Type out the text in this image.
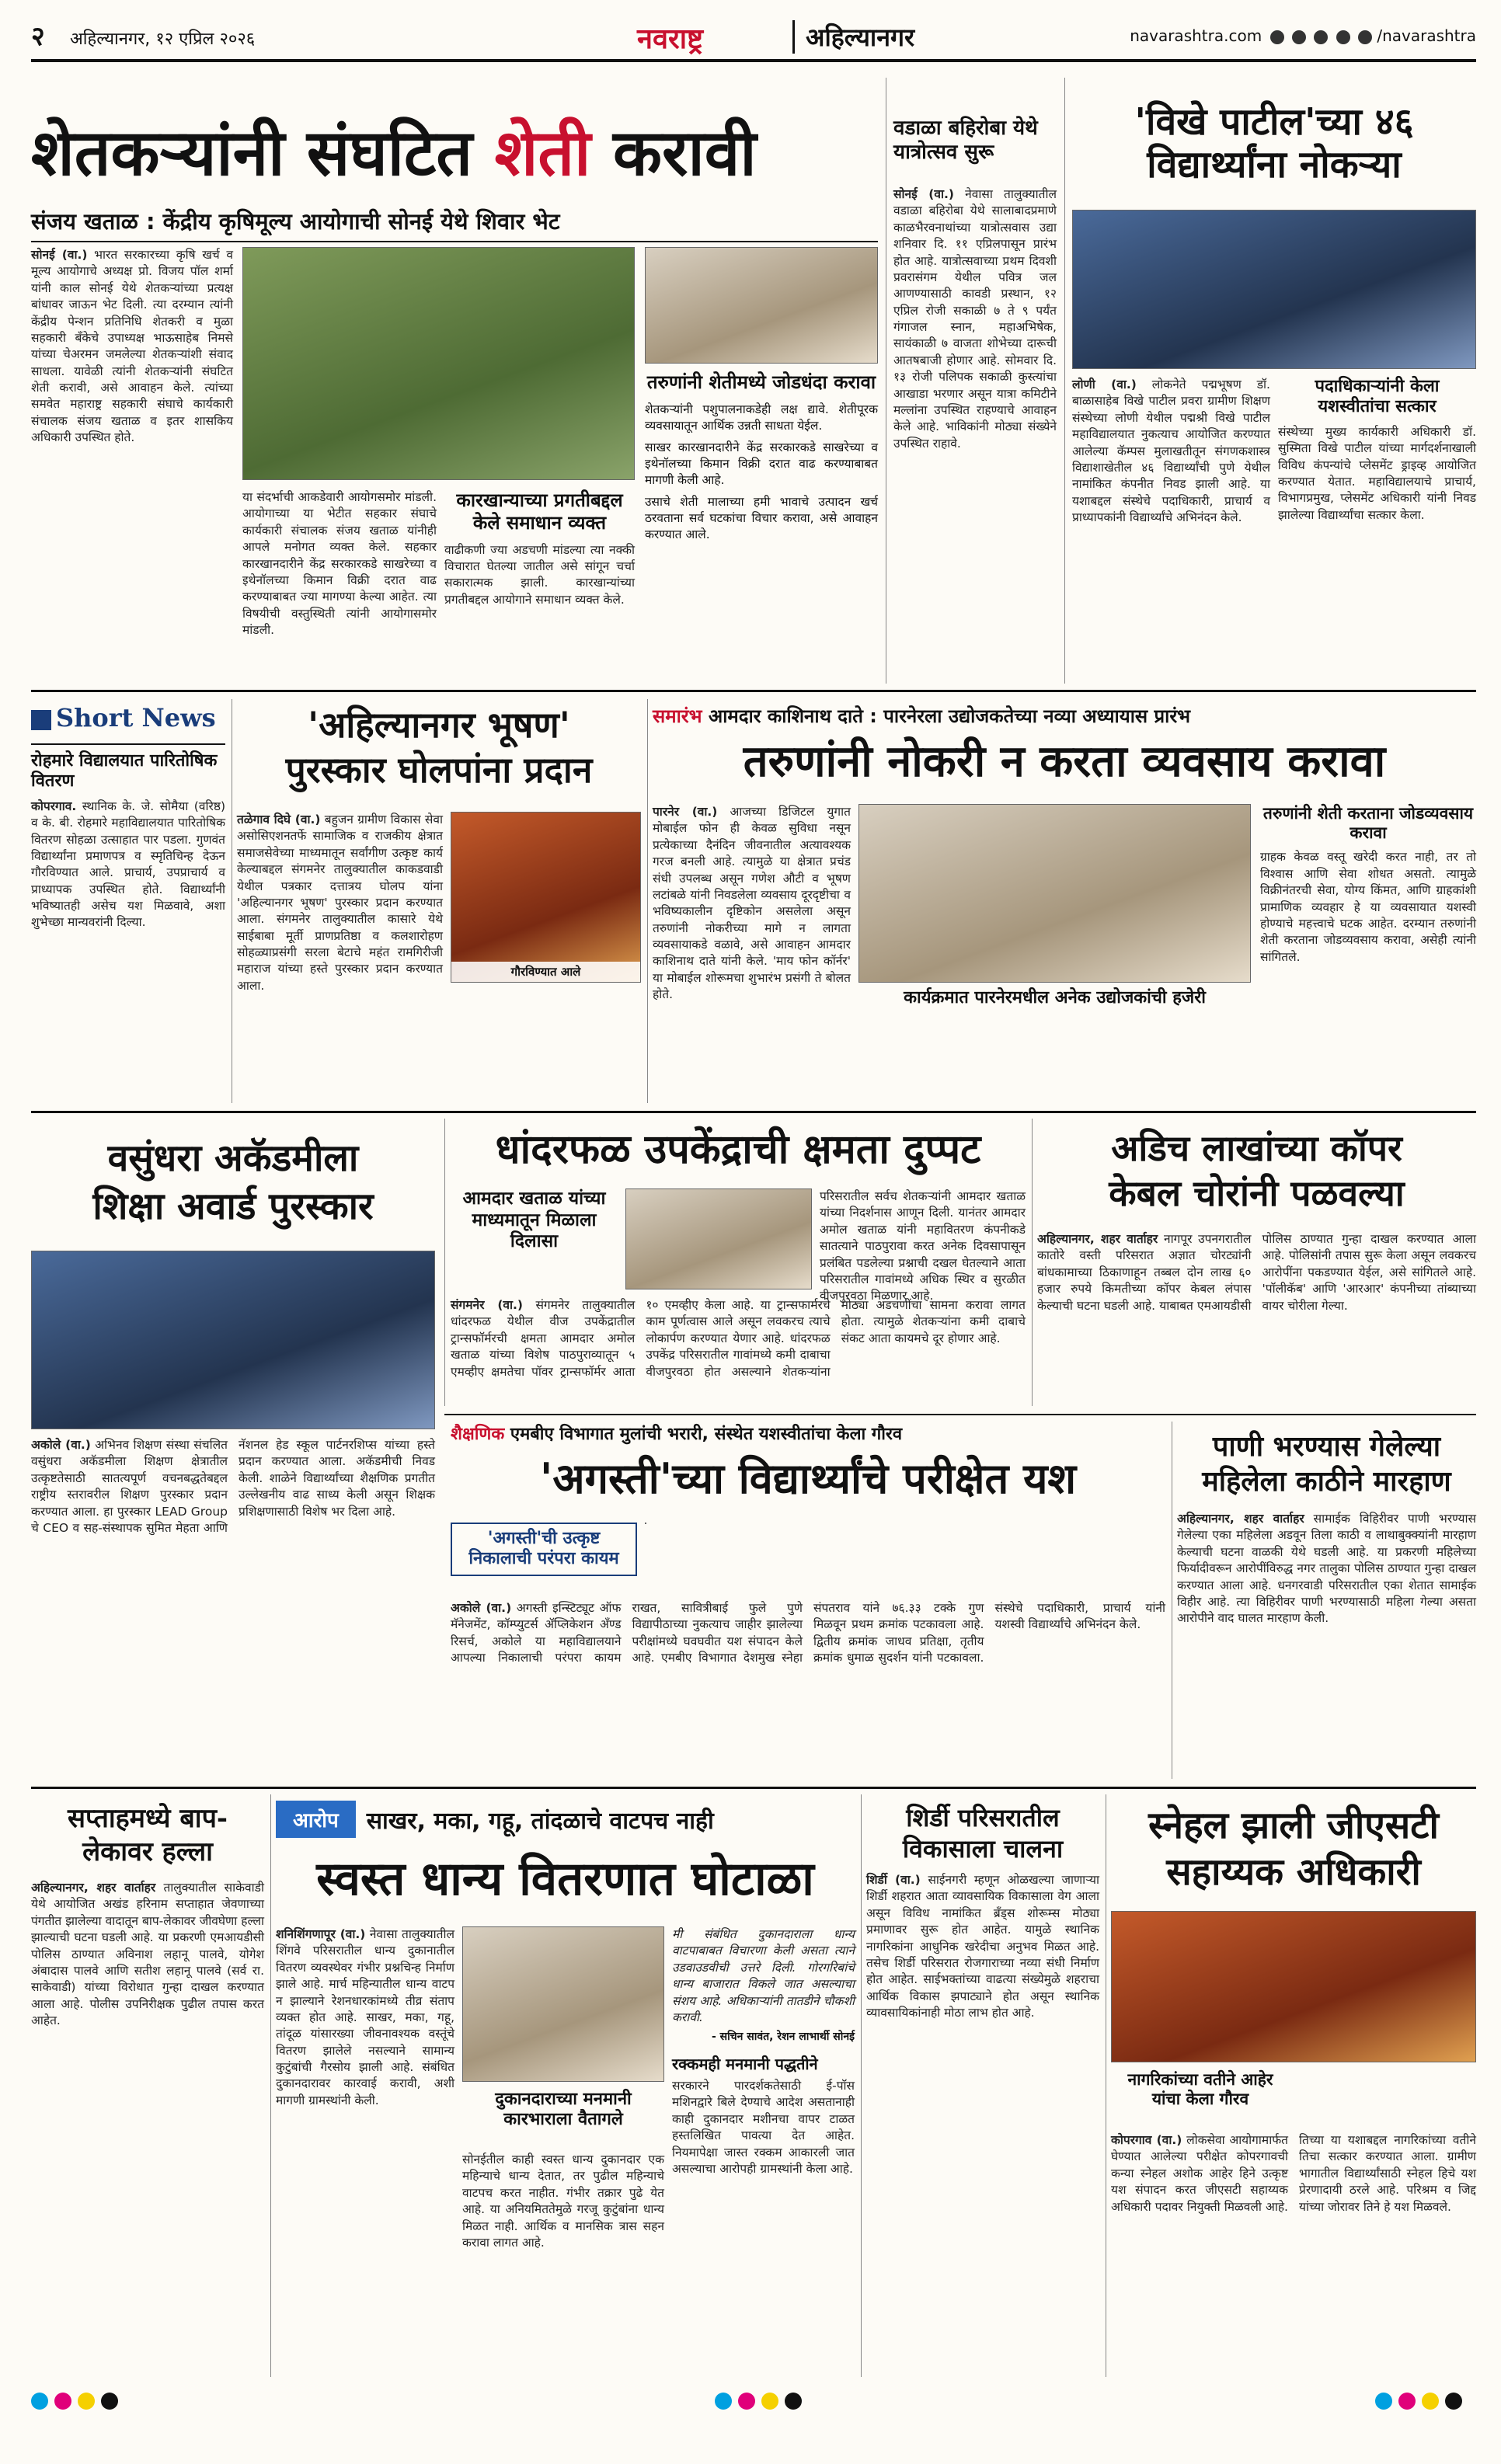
२ अहिल्यानगर, १२ एप्रिल २०२६	नवराष्ट्र	अहिल्यानगर	navarashtra.com	/navarashtra
शेतकऱ्यांनी संघटित शेती करावी
संजय खताळ : केंद्रीय कृषिमूल्य आयोगाची सोनई येथे शिवार भेट
सोनई (वा.) भारत सरकारच्या कृषि खर्च व मूल्य आयोगाचे अध्यक्ष प्रो. विजय पॉल शर्मा यांनी काल सोनई येथे शेतकऱ्यांच्या प्रत्यक्ष बांधावर जाऊन भेट दिली. त्या दरम्यान त्यांनी केंद्रीय पेन्शन प्रतिनिधि शेतकरी व मुळा सहकारी बँकेचे उपाध्यक्ष भाऊसाहेब निमसे यांच्या चेअरमन जमलेल्या शेतकऱ्यांशी संवाद साधला. यावेळी त्यांनी शेतकऱ्यांनी संघटित शेती करावी, असे आवाहन केले. त्यांच्या समवेत महाराष्ट्र सहकारी संघाचे कार्यकारी संचालक संजय खताळ व इतर शासकिय अधिकारी उपस्थित होते.
या संदर्भाची आकडेवारी आयोगसमोर मांडली. आयोगाच्या या भेटीत सहकार संघाचे कार्यकारी संचालक संजय खताळ यांनीही आपले मनोगत व्यक्त केले. सहकार कारखानदारीने केंद्र सरकारकडे साखरेच्या व इथेनॉलच्या किमान विक्री दरात वाढ करण्याबाबत ज्या मागण्या केल्या आहेत. त्या विषयीची वस्तुस्थिती त्यांनी आयोगासमोर मांडली.
कारखान्याच्या प्रगतीबद्दल केले समाधान व्यक्त
वाढीकणी ज्या अडचणी मांडल्या त्या नक्की विचारात घेतल्या जातील असे सांगून चर्चा सकारात्मक झाली. कारखान्यांच्या प्रगतीबद्दल आयोगाने समाधान व्यक्त केले.
तरुणांनी शेतीमध्ये जोडधंदा करावा
शेतकऱ्यांनी पशुपालनाकडेही लक्ष द्यावे. शेतीपूरक व्यवसायातून आर्थिक उन्नती साधता येईल.
साखर कारखानदारीने केंद्र सरकारकडे साखरेच्या व इथेनॉलच्या किमान विक्री दरात वाढ करण्याबाबत मागणी केली आहे.
उसाचे शेती मालाच्या हमी भावाचे उत्पादन खर्च ठरवताना सर्व घटकांचा विचार करावा, असे आवाहन करण्यात आले.
वडाळा बहिरोबा येथे यात्रोत्सव सुरू
सोनई (वा.) नेवासा तालुक्यातील वडाळा बहिरोबा येथे सालाबादप्रमाणे काळभैरवनाथांच्या यात्रोत्सवास उद्या शनिवार दि. ११ एप्रिलपासून प्रारंभ होत आहे. यात्रोत्सवाच्या प्रथम दिवशी प्रवरासंगम येथील पवित्र जल आणण्यासाठी कावडी प्रस्थान, १२ एप्रिल रोजी सकाळी ७ ते ९ पर्यंत गंगाजल स्नान, महाअभिषेक, सायंकाळी ७ वाजता शोभेच्या दारूची आतषबाजी होणार आहे. सोमवार दि. १३ रोजी पलिपक सकाळी कुस्त्यांचा आखाडा भरणार असून यात्रा कमिटीने मल्लांना उपस्थित राहण्याचे आवाहन केले आहे. भाविकांनी मोठ्या संख्येने उपस्थित राहावे.
'विखे पाटील'च्या ४६ विद्यार्थ्यांना नोकऱ्या
लोणी (वा.) लोकनेते पद्मभूषण डॉ. बाळासाहेब विखे पाटील प्रवरा ग्रामीण शिक्षण संस्थेच्या लोणी येथील पद्मश्री विखे पाटील महाविद्यालयात नुकत्याच आयोजित करण्यात आलेल्या कॅम्पस मुलाखतीतून संगणकशास्त्र विद्याशाखेतील ४६ विद्यार्थ्यांची पुणे येथील नामांकित कंपनीत निवड झाली आहे. या यशाबद्दल संस्थेचे पदाधिकारी, प्राचार्य व प्राध्यापकांनी विद्यार्थ्यांचे अभिनंदन केले.
पदाधिकाऱ्यांनी केला यशस्वीतांचा सत्कार
संस्थेच्या मुख्य कार्यकारी अधिकारी डॉ. सुस्मिता विखे पाटील यांच्या मार्गदर्शनाखाली विविध कंपन्यांचे प्लेसमेंट ड्राइव्ह आयोजित करण्यात येतात. महाविद्यालयाचे प्राचार्य, विभागप्रमुख, प्लेसमेंट अधिकारी यांनी निवड झालेल्या विद्यार्थ्यांचा सत्कार केला.
Short News
रोहमारे विद्यालयात पारितोषिक वितरण
कोपरगाव. स्थानिक के. जे. सोमैया (वरिष्ठ) व के. बी. रोहमारे महाविद्यालयात पारितोषिक वितरण सोहळा उत्साहात पार पडला. गुणवंत विद्यार्थ्यांना प्रमाणपत्र व स्मृतिचिन्ह देऊन गौरविण्यात आले. प्राचार्य, उपप्राचार्य व प्राध्यापक उपस्थित होते. विद्यार्थ्यांनी भविष्यातही असेच यश मिळवावे, अशा शुभेच्छा मान्यवरांनी दिल्या.
'अहिल्यानगर भूषण'
पुरस्कार घोलपांना प्रदान
तळेगाव दिघे (वा.) बहुजन ग्रामीण विकास सेवा असोसिएशनतर्फे सामाजिक व राजकीय क्षेत्रात समाजसेवेच्या माध्यमातून सर्वांगीण उत्कृष्ट कार्य केल्याबद्दल संगमनेर तालुक्यातील काकडवाडी येथील पत्रकार दत्तात्रय घोलप यांना 'अहिल्यानगर भूषण' पुरस्कार प्रदान करण्यात आला. संगमनेर तालुक्यातील कासारे येथे साईबाबा मूर्ती प्राणप्रतिष्ठा व कलशारोहण सोहळ्याप्रसंगी सरला बेटाचे महंत रामगिरीजी महाराज यांच्या हस्ते पुरस्कार प्रदान करण्यात आला.
गौरविण्यात आले
समारंभ आमदार काशिनाथ दाते : पारनेरला उद्योजकतेच्या नव्या अध्यायास प्रारंभ
तरुणांनी नोकरी न करता व्यवसाय करावा
पारनेर (वा.) आजच्या डिजिटल युगात मोबाईल फोन ही केवळ सुविधा नसून प्रत्येकाच्या दैनंदिन जीवनातील अत्यावश्यक गरज बनली आहे. त्यामुळे या क्षेत्रात प्रचंड संधी उपलब्ध असून गणेश औटी व भूषण लटांबळे यांनी निवडलेला व्यवसाय दूरदृष्टीचा व भविष्यकालीन दृष्टिकोन असलेला असून तरुणांनी नोकरीच्या मागे न लागता व्यवसायाकडे वळावे, असे आवाहन आमदार काशिनाथ दाते यांनी केले. 'माय फोन कॉर्नर' या मोबाईल शोरूमचा शुभारंभ प्रसंगी ते बोलत होते.	कार्यक्रमात पारनेरमधील अनेक उद्योजकांची हजेरी
तरुणांनी शेती करताना जोडव्यवसाय करावा
ग्राहक केवळ वस्तू खरेदी करत नाही, तर तो विश्वास आणि सेवा शोधत असतो. त्यामुळे विक्रीनंतरची सेवा, योग्य किंमत, आणि ग्राहकांशी प्रामाणिक व्यवहार हे या व्यवसायात यशस्वी होण्याचे महत्त्वाचे घटक आहेत. दरम्यान तरुणांनी शेती करताना जोडव्यवसाय करावा, असेही त्यांनी सांगितले.
वसुंधरा अकॅडमीला
शिक्षा अवार्ड पुरस्कार
अकोले (वा.) अभिनव शिक्षण संस्था संचलित वसुंधरा अकॅडमीला शिक्षण क्षेत्रातील उत्कृष्टतेसाठी सातत्यपूर्ण वचनबद्धतेबद्दल राष्ट्रीय स्तरावरील शिक्षण पुरस्कार प्रदान करण्यात आला. हा पुरस्कार LEAD Group चे CEO व सह-संस्थापक सुमित मेहता आणि नॅशनल हेड स्कूल पार्टनरशिप्स यांच्या हस्ते प्रदान करण्यात आला. अकॅडमीची निवड केली. शाळेने विद्यार्थ्यांच्या शैक्षणिक प्रगतीत उल्लेखनीय वाढ साध्य केली असून शिक्षक प्रशिक्षणासाठी विशेष भर दिला आहे.
धांदरफळ उपकेंद्राची क्षमता दुप्पट
आमदार खताळ यांच्या माध्यमातून मिळाला दिलासा
संगमनेर (वा.) संगमनेर तालुक्यातील धांदरफळ येथील वीज उपकेंद्रातील ट्रान्सफॉर्मरची क्षमता आमदार अमोल खताळ यांच्या विशेष पाठपुराव्यातून ५ एमव्हीए क्षमतेचा पॉवर ट्रान्सफॉर्मर आता १० एमव्हीए केला आहे. या ट्रान्सफार्मरचे काम पूर्णत्वास आले असून लवकरच त्याचे लोकार्पण करण्यात येणार आहे. धांदरफळ उपकेंद्र परिसरातील गावांमध्ये कमी दाबाचा वीजपुरवठा होत असल्याने शेतकऱ्यांना मोठ्या अडचणींचा सामना करावा लागत होता. त्यामुळे शेतकऱ्यांना कमी दाबाचे संकट आता कायमचे दूर होणार आहे.
परिसरातील सर्वच शेतकऱ्यांनी आमदार खताळ यांच्या निदर्शनास आणून दिली. यानंतर आमदार अमोल खताळ यांनी महावितरण कंपनीकडे सातत्याने पाठपुरावा करत अनेक दिवसापासून प्रलंबित पडलेल्या प्रश्नाची दखल घेतल्याने आता परिसरातील गावांमध्ये अधिक स्थिर व सुरळीत वीजपुरवठा मिळणार आहे.
अडिच लाखांच्या कॉपर
केबल चोरांनी पळवल्या
अहिल्यानगर, शहर वार्ताहर नागपूर उपनगरातील कातोरे वस्ती परिसरात अज्ञात चोरट्यांनी बांधकामाच्या ठिकाणाहून तब्बल दोन लाख ६० हजार रुपये किमतीच्या कॉपर केबल लंपास केल्याची घटना घडली आहे. याबाबत एमआयडीसी पोलिस ठाण्यात गुन्हा दाखल करण्यात आला आहे. पोलिसांनी तपास सुरू केला असून लवकरच आरोपींना पकडण्यात येईल, असे सांगितले आहे. 'पॉलीकॅब' आणि 'आरआर' कंपनीच्या तांब्याच्या वायर चोरीला गेल्या.
शैक्षणिक एमबीए विभागात मुलांची भरारी, संस्थेत यशस्वीतांचा केला गौरव
'अगस्ती'च्या विद्यार्थ्यांचे परीक्षेत यश
'अगस्ती'ची उत्कृष्ट निकालाची परंपरा कायम
अकोले (वा.) अगस्ती इन्स्टिट्यूट ऑफ मॅनेजमेंट, कॉम्प्युटर्स ॲप्लिकेशन अँण्ड रिसर्च, अकोले या महाविद्यालयाने आपल्या निकालाची परंपरा कायम राखत, सावित्रीबाई फुले पुणे विद्यापीठाच्या नुकत्याच जाहीर झालेल्या परीक्षांमध्ये घवघवीत यश संपादन केले आहे. एमबीए विभागात देशमुख स्नेहा संपतराव यांने ७६.३३ टक्के गुण मिळवून प्रथम क्रमांक पटकावला आहे. द्वितीय क्रमांक जाधव प्रतिक्षा, तृतीय क्रमांक धुमाळ सुदर्शन यांनी पटकावला. संस्थेचे पदाधिकारी, प्राचार्य यांनी यशस्वी विद्यार्थ्यांचे अभिनंदन केले.
पाणी भरण्यास गेलेल्या
महिलेला काठीने मारहाण
अहिल्यानगर, शहर वार्ताहर सामाईक विहिरीवर पाणी भरण्यास गेलेल्या एका महिलेला अडवून तिला काठी व लाथाबुक्क्यांनी मारहाण केल्याची घटना वाळकी येथे घडली आहे. या प्रकरणी महिलेच्या फिर्यादीवरून आरोपींविरुद्ध नगर तालुका पोलिस ठाण्यात गुन्हा दाखल करण्यात आला आहे. धनगरवाडी परिसरातील एका शेतात सामाईक विहीर आहे. त्या विहिरीवर पाणी भरण्यासाठी महिला गेल्या असता आरोपीने वाद घालत मारहाण केली.
सप्ताहमध्ये बाप-
लेकावर हल्ला
अहिल्यानगर, शहर वार्ताहर तालुक्यातील साकेवाडी येथे आयोजित अखंड हरिनाम सप्ताहात जेवणाच्या पंगतीत झालेल्या वादातून बाप-लेकावर जीवघेणा हल्ला झाल्याची घटना घडली आहे. या प्रकरणी एमआयडीसी पोलिस ठाण्यात अविनाश लहानू पालवे, योगेश अंबादास पालवे आणि सतीश लहानू पालवे (सर्व रा. साकेवाडी) यांच्या विरोधात गुन्हा दाखल करण्यात आला आहे. पोलीस उपनिरीक्षक पुढील तपास करत आहेत.
आरोप	साखर, मका, गहू, तांदळाचे वाटपच नाही
स्वस्त धान्य वितरणात घोटाळा
शनिशिंगणापूर (वा.) नेवासा तालुक्यातील शिंगवे परिसरातील धान्य दुकानातील वितरण व्यवस्थेवर गंभीर प्रश्नचिन्ह निर्माण झाले आहे. मार्च महिन्यातील धान्य वाटप न झाल्याने रेशनधारकांमध्ये तीव्र संताप व्यक्त होत आहे. साखर, मका, गहू, तांदूळ यांसारख्या जीवनावश्यक वस्तूंचे वितरण झालेले नसल्याने सामान्य कुटुंबांची गैरसोय झाली आहे. संबंधित दुकानदारावर कारवाई करावी, अशी मागणी ग्रामस्थांनी केली.	दुकानदाराच्या मनमानी कारभाराला वैतागले
सोनईतील काही स्वस्त धान्य दुकानदार एक महिन्याचे धान्य देतात, तर पुढील महिन्याचे वाटपच करत नाहीत. गंभीर तक्रार पुढे येत आहे. या अनियमिततेमुळे गरजू कुटुंबांना धान्य मिळत नाही. आर्थिक व मानसिक त्रास सहन करावा लागत आहे.
मी संबंधित दुकानदाराला धान्य वाटपाबाबत विचारणा केली असता त्याने उडवाउडवीची उत्तरे दिली. गोरगरिबांचे धान्य बाजारात विकले जात असल्याचा संशय आहे. अधिकाऱ्यांनी तातडीने चौकशी करावी.
- सचिन सावंत, रेशन लाभार्थी सोनई
रक्कमही मनमानी पद्धतीने
सरकारने पारदर्शकतेसाठी ई-पॉस मशिनद्वारे बिले देण्याचे आदेश असतानाही काही दुकानदार मशीनचा वापर टाळत हस्तलिखित पावत्या देत आहेत. नियमापेक्षा जास्त रक्कम आकारली जात असल्याचा आरोपही ग्रामस्थांनी केला आहे.
शिर्डी परिसरातील
विकासाला चालना
शिर्डी (वा.) साईनगरी म्हणून ओळखल्या जाणाऱ्या शिर्डी शहरात आता व्यावसायिक विकासाला वेग आला असून विविध नामांकित ब्रँड्स शोरूम्स मोठ्या प्रमाणावर सुरू होत आहेत. यामुळे स्थानिक नागरिकांना आधुनिक खरेदीचा अनुभव मिळत आहे. तसेच शिर्डी परिसरात रोजगाराच्या नव्या संधी निर्माण होत आहेत. साईभक्तांच्या वाढत्या संख्येमुळे शहराचा आर्थिक विकास झपाट्याने होत असून स्थानिक व्यावसायिकांनाही मोठा लाभ होत आहे.
स्नेहल झाली जीएसटी
सहाय्यक अधिकारी
नागरिकांच्या वतीने आहेर यांचा केला गौरव
कोपरगाव (वा.) लोकसेवा आयोगामार्फत घेण्यात आलेल्या परीक्षेत कोपरगावची कन्या स्नेहल अशोक आहेर हिने उत्कृष्ट यश संपादन करत जीएसटी सहाय्यक अधिकारी पदावर नियुक्ती मिळवली आहे. तिच्या या यशाबद्दल नागरिकांच्या वतीने तिचा सत्कार करण्यात आला. ग्रामीण भागातील विद्यार्थ्यांसाठी स्नेहल हिचे यश प्रेरणादायी ठरले आहे. परिश्रम व जिद्द यांच्या जोरावर तिने हे यश मिळवले.
